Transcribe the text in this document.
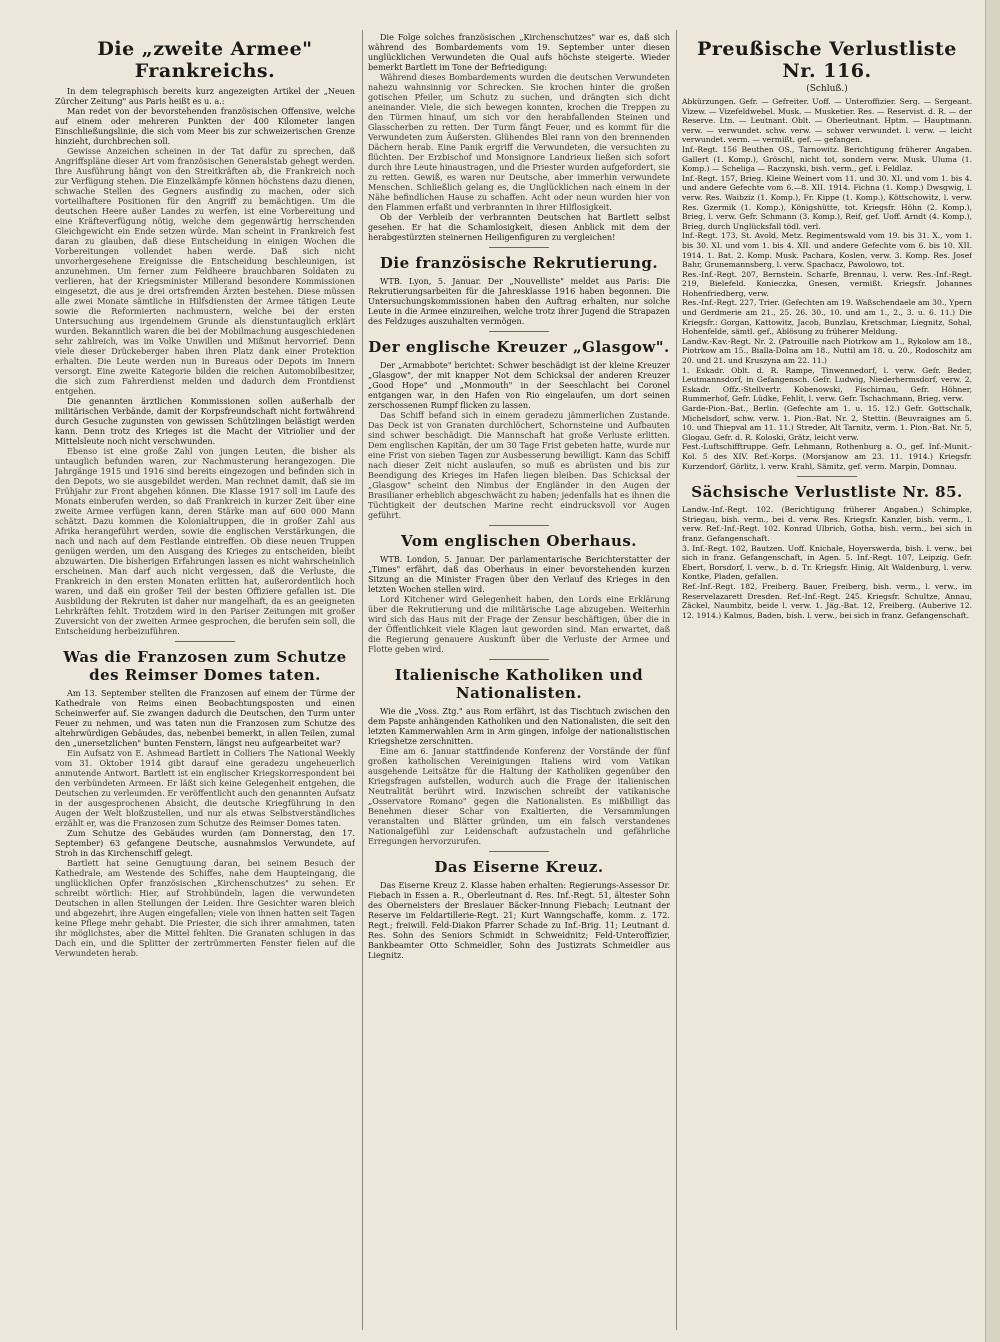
Die „zweite Armee" Frankreichs.

In dem telegraphisch bereits kurz angezeigten Artikel der „Neuen Zürcher Zeitung" aus Paris heißt es u. a.:

Man redet von der bevorstehenden französischen Offensive, welche auf einem oder mehreren Punkten der 400 Kilometer langen Einschließungslinie, die sich vom Meer bis zur schweizerischen Grenze hinzieht, durchbrechen soll.

Gewisse Anzeichen scheinen in der Tat dafür zu sprechen, daß Angriffspläne dieser Art vom französischen Generalstab gehegt werden. Ihre Ausführung hängt von den Streitkräften ab, die Frankreich noch zur Verfügung stehen. Die Einzelkämpfe können höchstens dazu dienen, schwache Stellen des Gegners ausfindig zu machen, oder sich vorteilhaftere Positionen für den Angriff zu bemächtigen. Um die deutschen Heere außer Landes zu werfen, ist eine Vorbereitung und eine Kräfteverfügung nötig, welche dem gegenwärtig herrschenden Gleichgewicht ein Ende setzen würde. Man scheint in Frankreich fest daran zu glauben, daß diese Entscheidung in einigen Wochen die Vorbereitungen vollendet haben werde. Daß sich nicht unvorhergesehene Ereignisse die Entscheidung beschleunigen, ist anzunehmen. Um ferner zum Feldheere brauchbaren Soldaten zu verlieren, hat der Kriegsminister Millerand besondere Kommissionen eingesetzt, die aus je drei ortsfremden Ärzten bestehen. Diese müssen alle zwei Monate sämtliche in Hilfsdiensten der Armee tätigen Leute sowie die Reformierten nachmustern, welche bei der ersten Untersuchung aus irgendeinem Grunde als dienstuntauglich erklärt wurden. Bekanntlich waren die bei der Mobilmachung ausgeschiedenen sehr zahlreich, was im Volke Unwillen und Mißmut hervorrief. Denn viele dieser Drückeberger haben ihren Platz dank einer Protektion erhalten. Die Leute werden nun in Bureaus oder Depots im Innern versorgt. Eine zweite Kategorie bilden die reichen Automobilbesitzer, die sich zum Fahrerdienst melden und dadurch dem Frontdienst entgehen.

Die genannten ärztlichen Kommissionen sollen außerhalb der militärischen Verbände, damit der Korpsfreundschaft nicht fortwährend durch Gesuche zugunsten von gewissen Schützlingen belästigt werden kann. Denn trotz des Krieges ist die Macht der Vitriolier und der Mittelsleute noch nicht verschwunden.

Ebenso ist eine große Zahl von jungen Leuten, die bisher als untauglich befunden waren, zur Nachmusterung herangezogen. Die Jahrgänge 1915 und 1916 sind bereits eingezogen und befinden sich in den Depots, wo sie ausgebildet werden. Man rechnet damit, daß sie im Frühjahr zur Front abgehen können. Die Klasse 1917 soll im Laufe des Monats einberufen werden, so daß Frankreich in kurzer Zeit über eine zweite Armee verfügen kann, deren Stärke man auf 600 000 Mann schätzt. Dazu kommen die Kolonialtruppen, die in großer Zahl aus Afrika herangeführt werden, sowie die englischen Verstärkungen, die nach und nach auf dem Festlande eintreffen. Ob diese neuen Truppen genügen werden, um den Ausgang des Krieges zu entscheiden, bleibt abzuwarten. Die bisherigen Erfahrungen lassen es nicht wahrscheinlich erscheinen. Man darf auch nicht vergessen, daß die Verluste, die Frankreich in den ersten Monaten erlitten hat, außerordentlich hoch waren, und daß ein großer Teil der besten Offiziere gefallen ist. Die Ausbildung der Rekruten ist daher nur mangelhaft, da es an geeigneten Lehrkräften fehlt. Trotzdem wird in den Pariser Zeitungen mit großer Zuversicht von der zweiten Armee gesprochen, die berufen sein soll, die Entscheidung herbeizuführen.

Was die Franzosen zum Schutze des Reimser Domes taten.

Am 13. September stellten die Franzosen auf einem der Türme der Kathedrale von Reims einen Beobachtungsposten und einen Scheinwerfer auf. Sie zwangen dadurch die Deutschen, den Turm unter Feuer zu nehmen, und was taten nun die Franzosen zum Schutze des altehrwürdigen Gebäudes, das, nebenbei bemerkt, in allen Teilen, zumal den „unersetzlichen" bunten Fenstern, längst neu aufgearbeitet war?

Ein Aufsatz von E. Ashmead Bartlett in Colliers The National Weekly vom 31. Oktober 1914 gibt darauf eine geradezu ungeheuerlich anmutende Antwort. Bartlett ist ein englischer Kriegskorrespondent bei den verbündeten Armeen. Er läßt sich keine Gelegenheit entgehen, die Deutschen zu verleumden. Er veröffentlicht auch den genannten Aufsatz in der ausgesprochenen Absicht, die deutsche Kriegführung in den Augen der Welt bloßzustellen, und nur als etwas Selbstverständliches erzählt er, was die Franzosen zum Schutze des Reimser Domes taten.

Zum Schutze des Gebäudes wurden (am Donnerstag, den 17. September) 63 gefangene Deutsche, ausnahmslos Verwundete, auf Stroh in das Kirchenschiff gelegt.

Bartlett hat seine Genugtuung daran, bei seinem Besuch der Kathedrale, am Westende des Schiffes, nahe dem Haupteingang, die unglücklichen Opfer französischen „Kirchenschutzes" zu sehen. Er schreibt wörtlich: Hier, auf Strohbündeln, lagen die verwundeten Deutschen in allen Stellungen der Leiden. Ihre Gesichter waren bleich und abgezehrt, ihre Augen eingefallen; viele von ihnen hatten seit Tagen keine Pflege mehr gehabt. Die Priester, die sich ihrer annahmen, taten ihr möglichstes, aber die Mittel fehlten. Die Granaten schlugen in das Dach ein, und die Splitter der zertrümmerten Fenster fielen auf die Verwundeten herab.

Die Folge solches französischen „Kirchenschutzes" war es, daß sich während des Bombardements vom 19. September unter diesen unglücklichen Verwundeten die Qual aufs höchste steigerte. Wieder bemerkt Bartlett im Tone der Befriedigung:

Während dieses Bombardements wurden die deutschen Verwundeten nahezu wahnsinnig vor Schrecken. Sie krochen hinter die großen gotischen Pfeiler, um Schutz zu suchen, und drängten sich dicht aneinander. Viele, die sich bewegen konnten, krochen die Treppen zu den Türmen hinauf, um sich vor den herabfallenden Steinen und Glasscherben zu retten. Der Turm fängt Feuer, und es kommt für die Verwundeten zum Äußersten. Glühendes Blei rann von den brennenden Dächern herab. Eine Panik ergriff die Verwundeten, die versuchten zu flüchten. Der Erzbischof und Monsignore Landrieux ließen sich sofort durch ihre Leute hinaustragen, und die Priester wurden aufgefordert, sie zu retten. Gewiß, es waren nur Deutsche, aber immerhin verwundete Menschen. Schließlich gelang es, die Unglücklichen nach einem in der Nähe befindlichen Hause zu schaffen. Acht oder neun wurden hier von den Flammen erfaßt und verbrannten in ihrer Hilflosigkeit.

Ob der Verbleib der verbrannten Deutschen hat Bartlett selbst gesehen. Er hat die Schamlosigkeit, diesen Anblick mit dem der herabgestürzten steinernen Heiligenfiguren zu vergleichen!

Die französische Rekrutierung.

WTB. Lyon, 5. Januar. Der „Nouvelliste" meldet aus Paris: Die Rekrutierungsarbeiten für die Jahresklasse 1916 haben begonnen. Die Untersuchungskommissionen haben den Auftrag erhalten, nur solche Leute in die Armee einzureihen, welche trotz ihrer Jugend die Strapazen des Feldzuges auszuhalten vermögen.

Der englische Kreuzer „Glasgow".

Der „Armabbote" berichtet: Schwer beschädigt ist der kleine Kreuzer „Glasgow", der mit knapper Not dem Schicksal der anderen Kreuzer „Good Hope" und „Monmouth" in der Seeschlacht bei Coronel entgangen war, in den Hafen von Rio eingelaufen, um dort seinen zerschossenen Rumpf flicken zu lassen.

Das Schiff befand sich in einem geradezu jämmerlichen Zustande. Das Deck ist von Granaten durchlöchert, Schornsteine und Aufbauten sind schwer beschädigt. Die Mannschaft hat große Verluste erlitten. Dem englischen Kapitän, der um 30 Tage Frist gebeten hatte, wurde nur eine Frist von sieben Tagen zur Ausbesserung bewilligt. Kann das Schiff nach dieser Zeit nicht auslaufen, so muß es abrüsten und bis zur Beendigung des Krieges im Hafen liegen bleiben. Das Schicksal der „Glasgow" scheint den Nimbus der Engländer in den Augen der Brasilianer erheblich abgeschwächt zu haben; jedenfalls hat es ihnen die Tüchtigkeit der deutschen Marine recht eindrucksvoll vor Augen geführt.

Vom englischen Oberhaus.

WTB. London, 5. Januar. Der parlamentarische Berichterstatter der „Times" erfährt, daß das Oberhaus in einer bevorstehenden kurzen Sitzung an die Minister Fragen über den Verlauf des Krieges in den letzten Wochen stellen wird.

Lord Kitchener wird Gelegenheit haben, den Lords eine Erklärung über die Rekrutierung und die militärische Lage abzugeben. Weiterhin wird sich das Haus mit der Frage der Zensur beschäftigen, über die in der Öffentlichkeit viele Klagen laut geworden sind. Man erwartet, daß die Regierung genauere Auskunft über die Verluste der Armee und Flotte geben wird.

Italienische Katholiken und Nationalisten.

Wie die „Voss. Ztg." aus Rom erfährt, ist das Tischtuch zwischen den dem Papste anhängenden Katholiken und den Nationalisten, die seit den letzten Kammerwahlen Arm in Arm gingen, infolge der nationalistischen Kriegshetze zerschnitten.

Eine am 6. Januar stattfindende Konferenz der Vorstände der fünf großen katholischen Vereinigungen Italiens wird vom Vatikan ausgehende Leitsätze für die Haltung der Katholiken gegenüber den Kriegsfragen aufstellen, wodurch auch die Frage der italienischen Neutralität berührt wird. Inzwischen schreibt der vatikanische „Osservatore Romano" gegen die Nationalisten. Es mißbilligt das Benehmen dieser Schar von Exaltierten, die Versammlungen veranstalten und Blätter gründen, um ein falsch verstandenes Nationalgefühl zur Leidenschaft aufzustacheln und gefährliche Erregungen hervorzurufen.

Das Eiserne Kreuz.

Das Eiserne Kreuz 2. Klasse haben erhalten: Regierungs-Assessor Dr. Fiebach in Essen a. R., Oberleutnant d. Res. Inf.-Regt. 51, ältester Sohn des Oberneisters der Breslauer Bäcker-Innung Fiebach; Leutnant der Reserve im Feldartillerie-Regt. 21; Kurt Wanngschaffe, komm. z. 172. Regt.; freiwill. Feld-Diakon Pfarrer Schade zu Inf.-Brig. 11; Leutnant d. Res. Sohn des Seniors Schmidt in Schweidnitz; Feld-Unteroffizier, Bankbeamter Otto Schmeidler, Sohn des Justizrats Schmeidler aus Liegnitz.

Preußische Verlustliste Nr. 116.
(Schluß.)

Abkürzungen. Gefr. — Gefreiter. Uoff. — Unteroffizier. Serg. — Sergeant. Vizew. — Vizefeldwebel. Musk. — Musketier. Res. — Reservist. d. R. — der Reserve. Ltn. — Leutnant. Oblt. — Oberleutnant. Hptm. — Hauptmann. verw. — verwundet. schw. verw. — schwer verwundet. l. verw. — leicht verwundet. verm. — vermißt. gef. — gefangen.

Inf.-Regt. 156 Beuthen OS., Tarnowitz. Berichtigung früherer Angaben. Gallert (1. Komp.), Gröschl, nicht tot, sondern verw. Musk. Uluma (1. Komp.) — Scheliga — Raczynski, bish. verm., gef. i. Feldlaz.

Inf.-Regt. 157, Brieg. Kleine Weinert vom 11. und 30. XI. und vom 1. bis 4. und andere Gefechte vom 6.—8. XII. 1914. Fichna (1. Komp.) Dwsgwig, l. verw. Res. Waibziz (1. Komp.), Fr. Kippe (1. Komp.), Köttschowitz, l. verw. Res. Gzermik (1. Komp.), Königshütte, tot. Kriegsfr. Höhn (2. Komp.), Brieg, l. verw. Gefr. Schmann (3. Komp.), Reif, gef. Uoff. Arndt (4. Komp.), Brieg, durch Unglücksfall tödl. verl.

Inf.-Regt. 173, St. Avold, Metz. Regimentswald vom 19. bis 31. X., vom 1. bis 30. XI. und vom 1. bis 4. XII. und andere Gefechte vom 6. bis 10. XII. 1914. 1. Bat. 2. Komp. Musk. Pachara, Koslen, verw. 3. Komp. Res. Josef Bahr, Grunemannsberg, l. verw. Spachacz, Pawolowo, tot.

Res.-Inf.-Regt. 207, Bernstein. Scharfe, Brennau, l. verw. Res.-Inf.-Regt. 219, Bielefeld. Konieczka, Gnesen, vermißt. Kriegsfr. Johannes Hohenfriedberg, verw.

Res.-Inf.-Regt. 227, Trier. (Gefechten am 19. Waßschendaele am 30., Ypern und Gerdmerie am 21., 25. 26. 30., 10. und am 1., 2., 3. u. 6. 11.) Die Kriegsfr.: Gorgan, Kattowitz, Jacob, Bunzlau, Kretschmar, Liegnitz, Sohal, Hohenfelde, sämtl. gef., Ablösung zu früherer Meldung.

Landw.-Kav.-Regt. Nr. 2. (Patrouille nach Piotrkow am 1., Rykolow am 18., Piotrkow am 15., Bialla-Dolna am 18., Nuttil am 18. u. 20., Rodoschitz am 20. und 21. und Kruszyna am 22. 11.)

1. Eskadr. Oblt. d. R. Rampe, Tinwennedorf, l. verw. Gefr. Beder, Leutmannsdorf, in Gefangensch. Gefr. Ludwig, Niederhermsdorf, verw. 2. Eskadr. Offz.-Stellvertr. Kobenowski, Fischirnau, Gefr. Höhner, Rummerhof, Gefr. Lüdke, Fehlit, l. verw. Gefr. Tschachmann, Brieg, verw.

Garde-Pion.-Bat., Berlin. (Gefechte am 1. u. 15. 12.) Gefr. Gottschalk, Michelsdorf, schw. verw. 1. Pion.-Bat. Nr. 2, Stettin. (Beuvraignes am 5. 10. und Thiepval am 11. 11.) Streder, Alt Tarnitz, verm. 1. Pion.-Bat. Nr. 5, Glogau. Gefr. d. R. Koloski, Grätz, leicht verw.

Fest.-Luftschifftruppe. Gefr. Lehmann, Rothenburg a. O., gef. Inf.-Munit.-Kol. 5 des XIV. Ref.-Korps. (Morsjanow am 23. 11. 1914.) Kriegsfr. Kurzendorf, Görlitz, l. verw. Krahl, Sämitz, gef. verm. Marpin, Domnau.

Sächsische Verlustliste Nr. 85.

Landw.-Inf.-Regt. 102. (Berichtigung früherer Angaben.) Schimpke, Striegau, bish. verm., bei d. verw. Res. Kriegsfr. Kanzler, bish. verm., l. verw. Ref.-Inf.-Regt. 102. Konrad Ulbrich, Gotha, bish. verm., bei sich in franz. Gefangenschaft.

3. Inf.-Regt. 102, Bautzen. Uoff. Knichale, Hoyerswerda, bish. l. verw., bei sich in franz. Gefangenschaft, in Agen. 5. Inf.-Regt. 107, Leipzig. Gefr. Ebert, Borsdorf, l. verw., b. d. Tr. Kriegsfr. Hinig, Alt Waldenburg, l. verw. Kontke, Pladen, gefallen.

Ref.-Inf.-Regt. 182, Freiberg. Bauer, Freiberg, bish. verm., l. verw., im Reservelazarett Dresden. Ref.-Inf.-Regt. 245. Kriegsfr. Schultze, Annau, Zäckel, Naumbitz, beide l. verw. 1. Jäg.-Bat. 12, Freiberg. (Auberive 12. 12. 1914.) Kalmus, Baden, bish. l. verw., bei sich in franz. Gefangenschaft.
